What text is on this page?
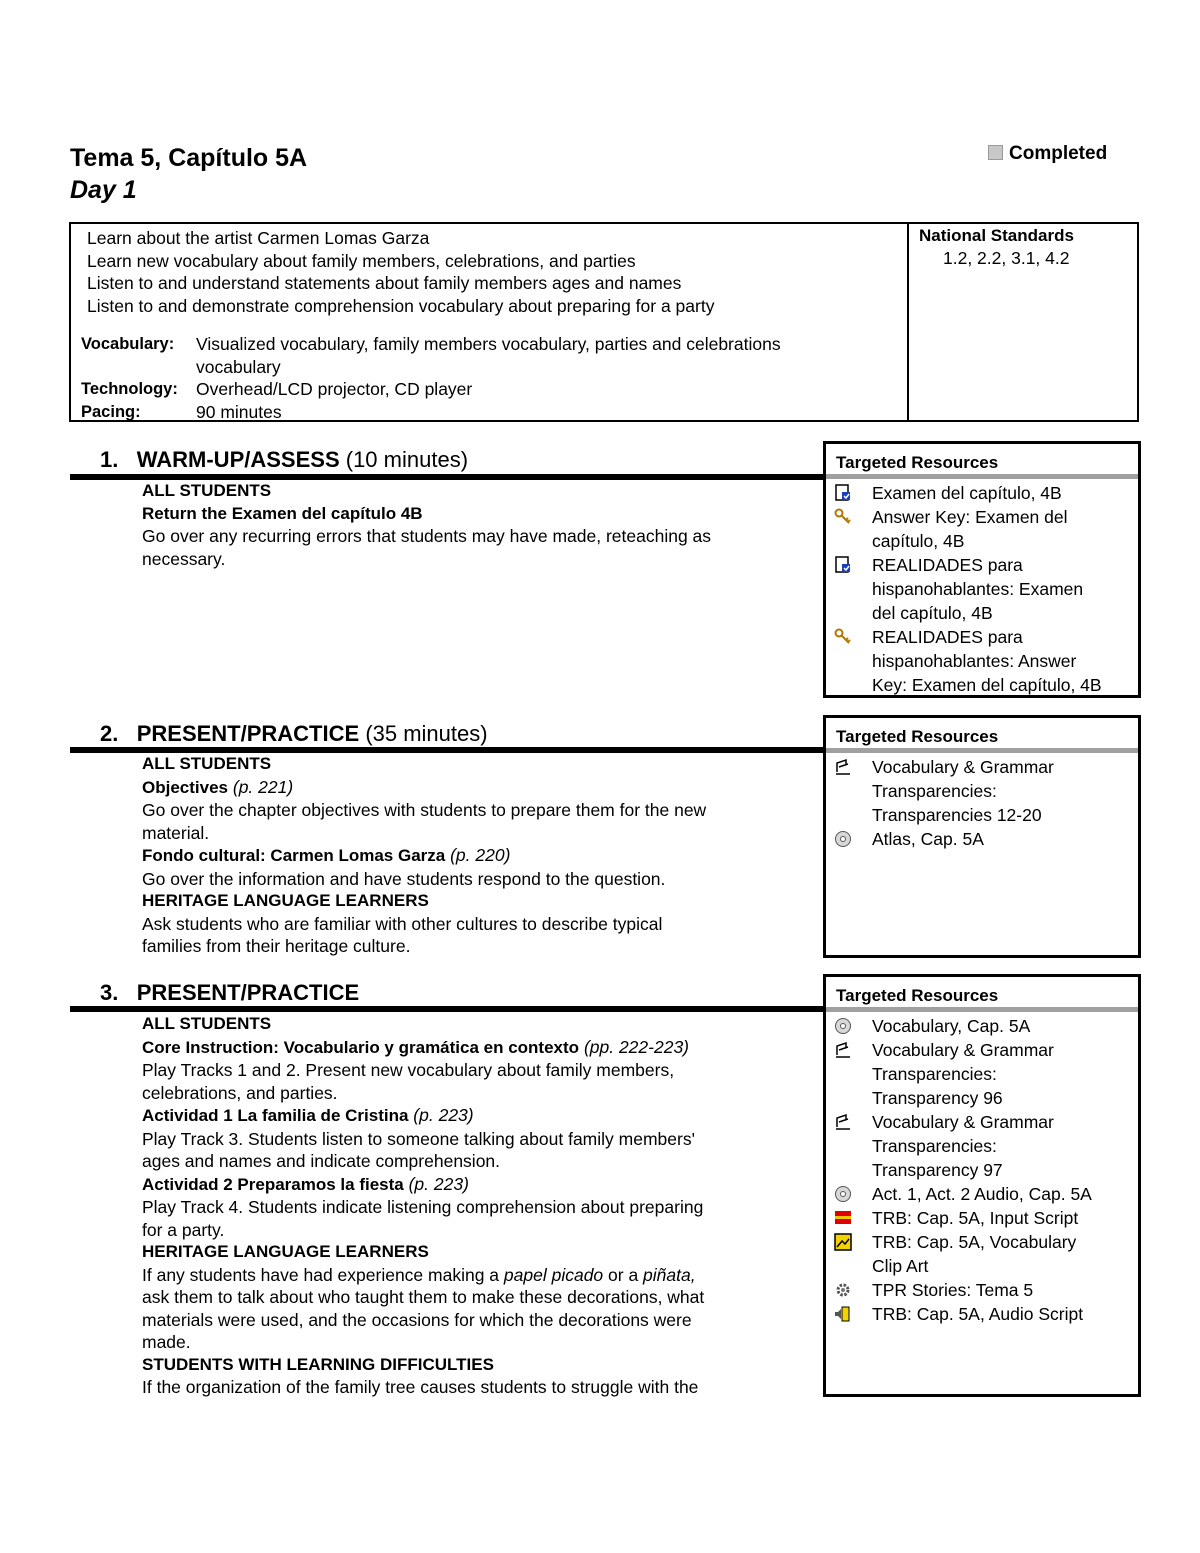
Tema 5, Capítulo 5A
Day 1
Completed
Learn about the artist Carmen Lomas Garza
Learn new vocabulary about family members, celebrations, and parties
Listen to and understand statements about family members ages and names
Listen to and demonstrate comprehension vocabulary about preparing for a party
Vocabulary:	Visualized vocabulary, family members vocabulary, parties and celebrations
vocabulary
Technology:	Overhead/LCD projector, CD player
Pacing:	90 minutes
National Standards
1.2, 2.2, 3.1, 4.2
1. WARM-UP/ASSESS (10 minutes)
ALL STUDENTS
Return the Examen del capítulo 4B
Go over any recurring errors that students may have made, reteaching as
necessary.
Targeted Resources
Examen del capítulo, 4B
Answer Key: Examen del
capítulo, 4B
REALIDADES para
hispanohablantes: Examen
del capítulo, 4B
REALIDADES para
hispanohablantes: Answer
Key: Examen del capítulo, 4B
2. PRESENT/PRACTICE (35 minutes)
ALL STUDENTS
Objectives (p. 221)
Go over the chapter objectives with students to prepare them for the new
material.
Fondo cultural: Carmen Lomas Garza (p. 220)
Go over the information and have students respond to the question.
HERITAGE LANGUAGE LEARNERS
Ask students who are familiar with other cultures to describe typical
families from their heritage culture.
Targeted Resources
Vocabulary & Grammar
Transparencies:
Transparencies 12-20
Atlas, Cap. 5A
3. PRESENT/PRACTICE
ALL STUDENTS
Core Instruction: Vocabulario y gramática en contexto (pp. 222-223)
Play Tracks 1 and 2. Present new vocabulary about family members,
celebrations, and parties.
Actividad 1 La familia de Cristina (p. 223)
Play Track 3. Students listen to someone talking about family members'
ages and names and indicate comprehension.
Actividad 2 Preparamos la fiesta (p. 223)
Play Track 4. Students indicate listening comprehension about preparing
for a party.
HERITAGE LANGUAGE LEARNERS
If any students have had experience making a papel picado or a piñata,
ask them to talk about who taught them to make these decorations, what
materials were used, and the occasions for which the decorations were
made.
STUDENTS WITH LEARNING DIFFICULTIES
If the organization of the family tree causes students to struggle with the
Targeted Resources
Vocabulary, Cap. 5A
Vocabulary & Grammar
Transparencies:
Transparency 96
Vocabulary & Grammar
Transparencies:
Transparency 97
Act. 1, Act. 2 Audio, Cap. 5A
TRB: Cap. 5A, Input Script
TRB: Cap. 5A, Vocabulary
Clip Art
TPR Stories: Tema 5
TRB: Cap. 5A, Audio Script
